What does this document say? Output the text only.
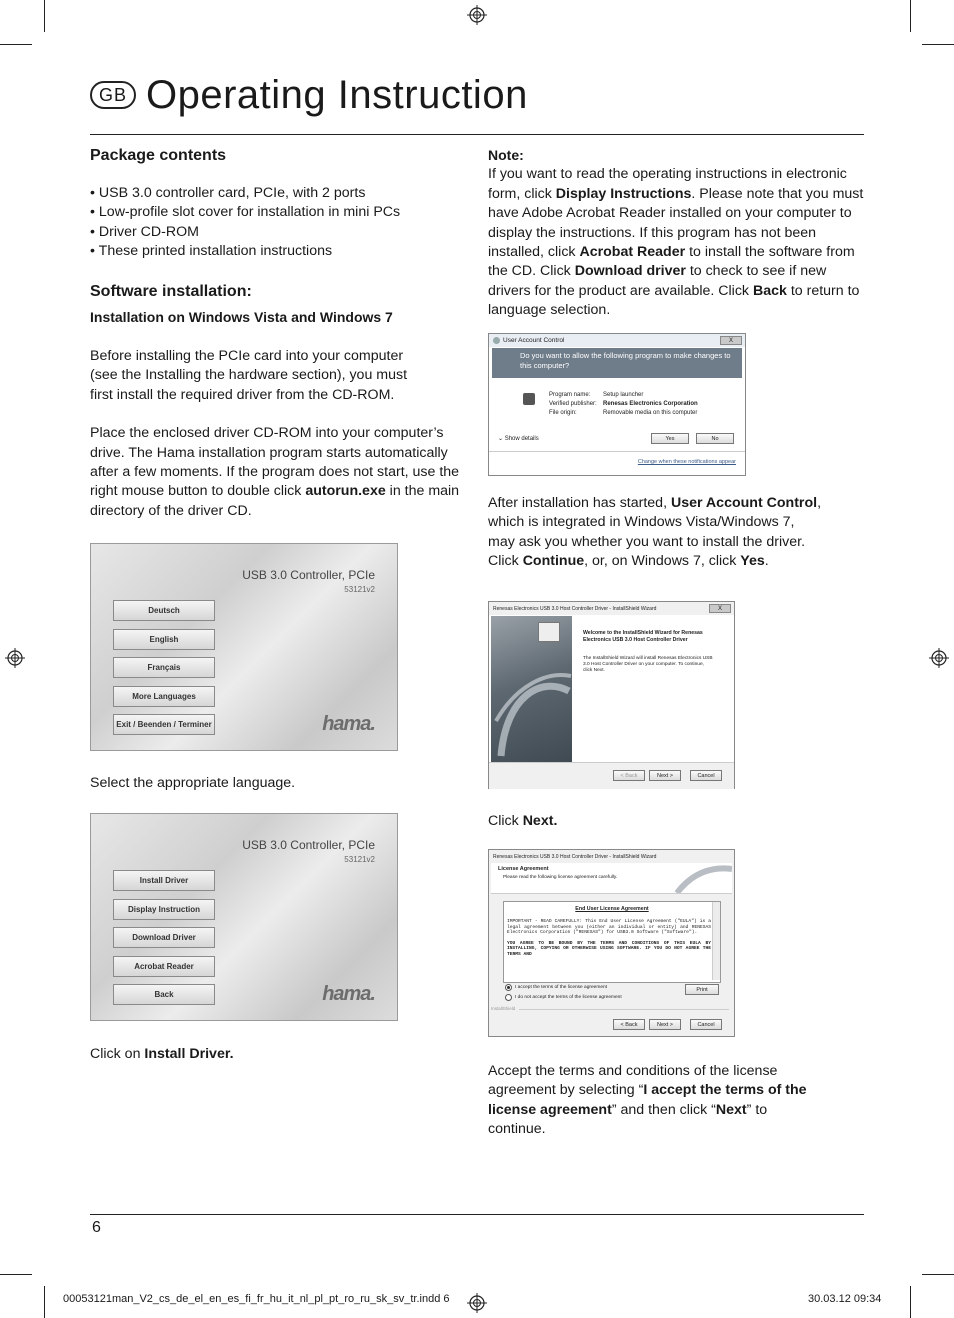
GB Operating Instruction

Package contents

• USB 3.0 controller card, PCIe, with 2 ports

• Low-profile slot cover for installation in mini PCs

• Driver CD-ROM

• These printed installation instructions

Software installation:

Installation on Windows Vista and Windows 7

Before installing the PCIe card into your computer (see the Installing the hardware section), you must first install the required driver from the CD-ROM.

Place the enclosed driver CD-ROM into your computer’s drive. The Hama installation program starts automatically after a few moments. If the program does not start, use the right mouse button to double click autorun.exe in the main directory of the driver CD.

USB 3.0 Controller, PCIe
53121v2
Deutsch
English
Français
More Languages
Exit / Beenden / Terminer	hama.

Select the appropriate language.

USB 3.0 Controller, PCIe
53121v2
Install Driver
Display Instruction
Download Driver
Acrobat Reader
Back	hama.

Click on Install Driver.

Note:

If you want to read the operating instructions in electronic form, click Display Instructions. Please note that you must have Adobe Acrobat Reader installed on your computer to display the instructions. If this program has not been installed, click Acrobat Reader to install the software from the CD. Click Download driver to check to see if new drivers for the product are available. Click Back to return to language selection.

User Account Control	X
Do you want to allow the following program to make changes to this computer?
Program name: Setup launcher
Verified publisher: Renesas Electronics Corporation
File origin:	Removable media on this computer
⌄ Show details	Yes	No
Change when these notifications appear

After installation has started, User Account Control, which is integrated in Windows Vista/Windows 7, may ask you whether you want to install the driver. Click Continue, or, on Windows 7, click Yes.

Renesas Electronics USB 3.0 Host Controller Driver - InstallShield Wizard	X
Welcome to the InstallShield Wizard for Renesas Electronics USB 3.0 Host Controller Driver
The InstallShield Wizard will install Renesas Electronics USB 3.0 Host Controller Driver on your computer. To continue, click Next.
< Back	Next >	Cancel

Click Next.

Renesas Electronics USB 3.0 Host Controller Driver - InstallShield Wizard
License Agreement
Please read the following license agreement carefully.
End User License Agreement
IMPORTANT - READ CAREFULLY: This End User License Agreement ("EULA") is a legal agreement between you (either an individual or entity) and RENESAS Electronics Corporation ("RENESAS") for USB3.0 Software ("Software").
YOU AGREE TO BE BOUND BY THE TERMS AND CONDITIONS OF THIS EULA BY INSTALLING, COPYING OR OTHERWISE USING SOFTWARE. IF YOU DO NOT AGREE THE TERMS AND
I accept the terms of the license agreement
I do not accept the terms of the license agreement
Print
InstallShield
< Back	Next >	Cancel

Accept the terms and conditions of the license agreement by selecting “I accept the terms of the license agreement” and then click “Next” to continue.

6
00053121man_V2_cs_de_el_en_es_fi_fr_hu_it_nl_pl_pt_ro_ru_sk_sv_tr.indd 6	30.03.12 09:34
